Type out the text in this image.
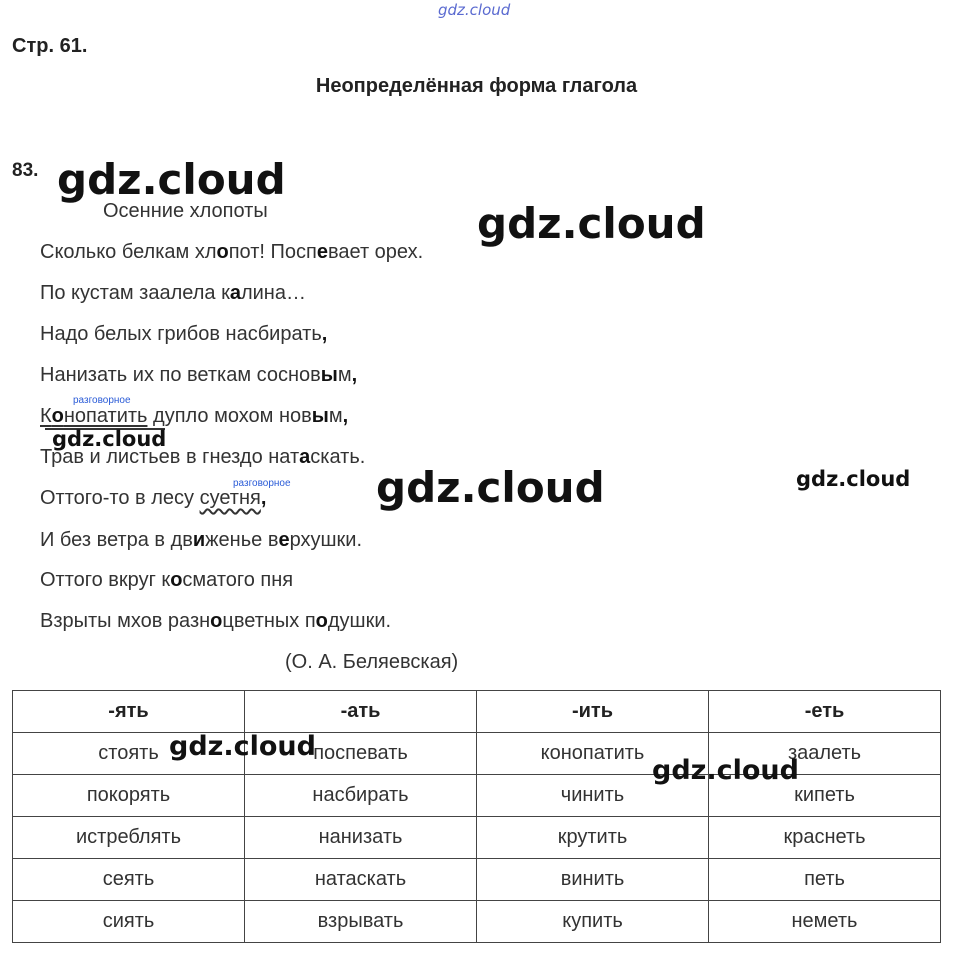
gdz.cloud
Стр. 61.
Неопределённая форма глагола
83.
Осенние хлопоты
Сколько белкам хлопот! Поспевает орех.
По кустам заалела калина…
Надо белых грибов насбирать,
Нанизать их по веткам сосновым,
разговорное
Конопатить дупло мохом новым,
Трав и листьев в гнездо натаскать.
разговорное
Оттого-то в лесу суетня,
И без ветра в движенье верхушки.
Оттого вкруг косматого пня
Взрыты мхов разноцветных подушки.
(О. А. Беляевская)
-ять	-ать	-ить	-еть
стоять	поспевать	конопатить	заалеть
покорять	насбирать	чинить	кипеть
истреблять	нанизать	крутить	краснеть
сеять	натаскать	винить	петь
сиять	взрывать	купить	неметь
gdz.cloud
gdz.cloud
gdz.cloud
gdz.cloud	gdz.cloud
gdz.cloud
gdz.cloud
